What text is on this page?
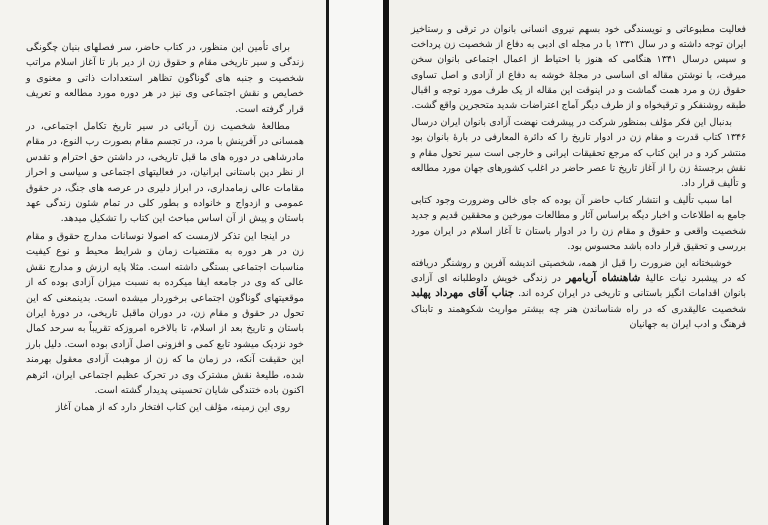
برای تأمین این منظور، در کتاب حاضر، سر فصلهای بنیان چگونگی زندگی و سیر تاریخی مقام و حقوق زن از دیر باز تا آغاز اسلام مراتب شخصیت و جنبه های گوناگون تظاهر استعدادات ذاتی و معنوی و خصایص و نقش اجتماعی وی نیز در هر دوره مورد مطالعه و تعریف قرار گرفته است.

مطالعهٔ شخصیت زن آریائی در سیر تاریخ تکامل اجتماعی، در همسانی در آفرینش با مرد، در تجسم مقام بصورت رب النوع، در مقام مادرشاهی در دوره های ما قبل تاریخی، در داشتن حق احترام و تقدس از نظر دین باستانی ایرانیان، در فعالیتهای اجتماعی و سیاسی و احراز مقامات عالی زمامداری، در ابراز دلیری در عرصه های جنگ، در حقوق عمومی و ازدواج و خانواده و بطور کلی در تمام شئون زندگی عهد باستان و پیش از آن اساس مباحث این کتاب را تشکیل میدهد.

در اینجا این تذکر لازمست که اصولا نوسانات مدارج حقوق و مقام زن در هر دوره به مقتضیات زمان و شرایط محیط و نوع کیفیت مناسبات اجتماعی بستگی داشته است. مثلا پایه ارزش و مدارج نقش عالی که وی در جامعه ایفا میکرده به نسبت میزان آزادی بوده که از موقعیتهای گوناگون اجتماعی برخوردار میشده است. بدینمعنی که این تحول در حقوق و مقام زن، در دوران ماقبل تاریخی، در دورهٔ ایران باستان و تاریخ بعد از اسلام، تا بالاخره امروزکه تقریباً به سرحد کمال خود نزدیک میشود تابع کمی و افزونی اصل آزادی بوده است. دلیل بارز این حقیقت آنکه، در زمان ما که زن از موهبت آزادی معقول بهرمند شده، طلیعهٔ نقش مشترک وی در تحرک عظیم اجتماعی ایران، اثرهم اکنون باده ختندگی شایان تحسینی پدیدار گشته است.

روی این زمینه، مؤلف این کتاب افتخار دارد که از همان آغاز

فعالیت مطبوعاتی و نویسندگی خود بسهم نیروی انسانی بانوان در ترقی و رستاخیز ایران توجه داشته و در سال ۱۳۳۱ با در مجله ای ادبی به دفاع از شخصیت زن پرداخت و سپس درسال ۱۳۴۱ هنگامی که هنوز با احتیاط از اعمال اجتماعی بانوان سخن میرفت، با نوشتن مقاله ای اساسی در مجلهٔ خوشه به دفاع از آزادی و اصل تساوی حقوق زن و مرد همت گماشت و در اینوقت این مقاله از یک طرف مورد توجه و اقبال طبقه روشنفکر و ترقیخواه و از طرف دیگر آماج اعتراضات شدید متحجرین واقع گشت.

بدنبال این فکر مؤلف بمنظور شرکت در پیشرفت نهضت آزادی بانوان ایران درسال ۱۳۴۶ کتاب قدرت و مقام زن در ادوار تاریخ را که دائرة المعارفی در بارهٔ بانوان بود منتشر کرد و در این کتاب که مرجع تحقیقات ایرانی و خارجی است سیر تحول مقام و نقش برجستهٔ زن را از آغاز تاریخ تا عصر حاضر در اغلب کشورهای جهان مورد مطالعه و تألیف قرار داد.

اما سبب تألیف و انتشار کتاب حاضر آن بوده که جای خالی وضرورت وجود کتابی جامع به اطلاعات و اخبار دیگه براساس آثار و مطالعات مورخین و محققین قدیم و جدید شخصیت واقعی و حقوق و مقام زن را در ادوار باستان تا آغاز اسلام در ایران مورد بررسی و تحقیق قرار داده باشد محسوس بود.

خوشبختانه این ضرورت را قبل از همه، شخصیتی اندیشه آفرین و روشنگر دریافته که در پیشبرد نیات عالیهٔ شاهنشاه آریامهر در زندگی خویش داوطلبانه ای آزادی بانوان اقدامات انگیز باستانی و تاریخی در ایران کرده اند. جناب آقای مهرداد پهلبد شخصیت عالیقدری که در راه شناساندن هنر چه بیشتر مواریث شکوهمند و تابناک فرهنگ و ادب ایران به جهانیان
